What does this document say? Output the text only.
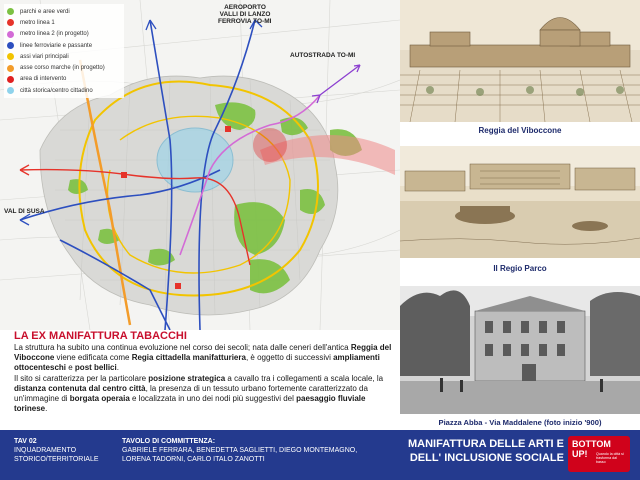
AEROPORTO
VALLI DI LANZO
FERROVIA TO-MI
AUTOSTRADA TO-MI
VAL DI SUSA
parchi e aree verdi
metro linea 1
metro linea 2 (in progetto)
linee ferroviarie e passante
assi viari principali
asse corso marche (in progetto)
area di intervento
città storica/centro cittadino
LA EX MANIFATTURA TABACCHI

La struttura ha subito una continua evoluzione nel corso dei secoli; nata dalle ceneri dell'antica Reggia del Viboccone viene edificata come Regia cittadella manifatturiera, è oggetto di successivi ampliamenti ottocenteschi e post bellici.

Il sito si caratterizza per la particolare posizione strategica a cavallo tra i collegamenti a scala locale, la distanza contenuta dal centro città, la presenza di un tessuto urbano fortemente caratterizzato da un'immagine di borgata operaia e localizzata in uno dei nodi più suggestivi del paesaggio fluviale torinese.

Reggia del Viboccone
Il Regio Parco
Piazza Abba - Via Maddalene (foto inizio '900)
TAV 02
INQUADRAMENTO STORICO/TERRITORIALE
TAVOLO DI COMMITTENZA:
GABRIELE FERRARA, BENEDETTA SAGLIETTI, DIEGO MONTEMAGNO, LORENA TADORNI, CARLO ITALO ZANOTTI
MANIFATTURA DELLE ARTI E
DELL' INCLUSIONE SOCIALE
BOTTOM
UP!	Quando la città si trasforma dal basso
